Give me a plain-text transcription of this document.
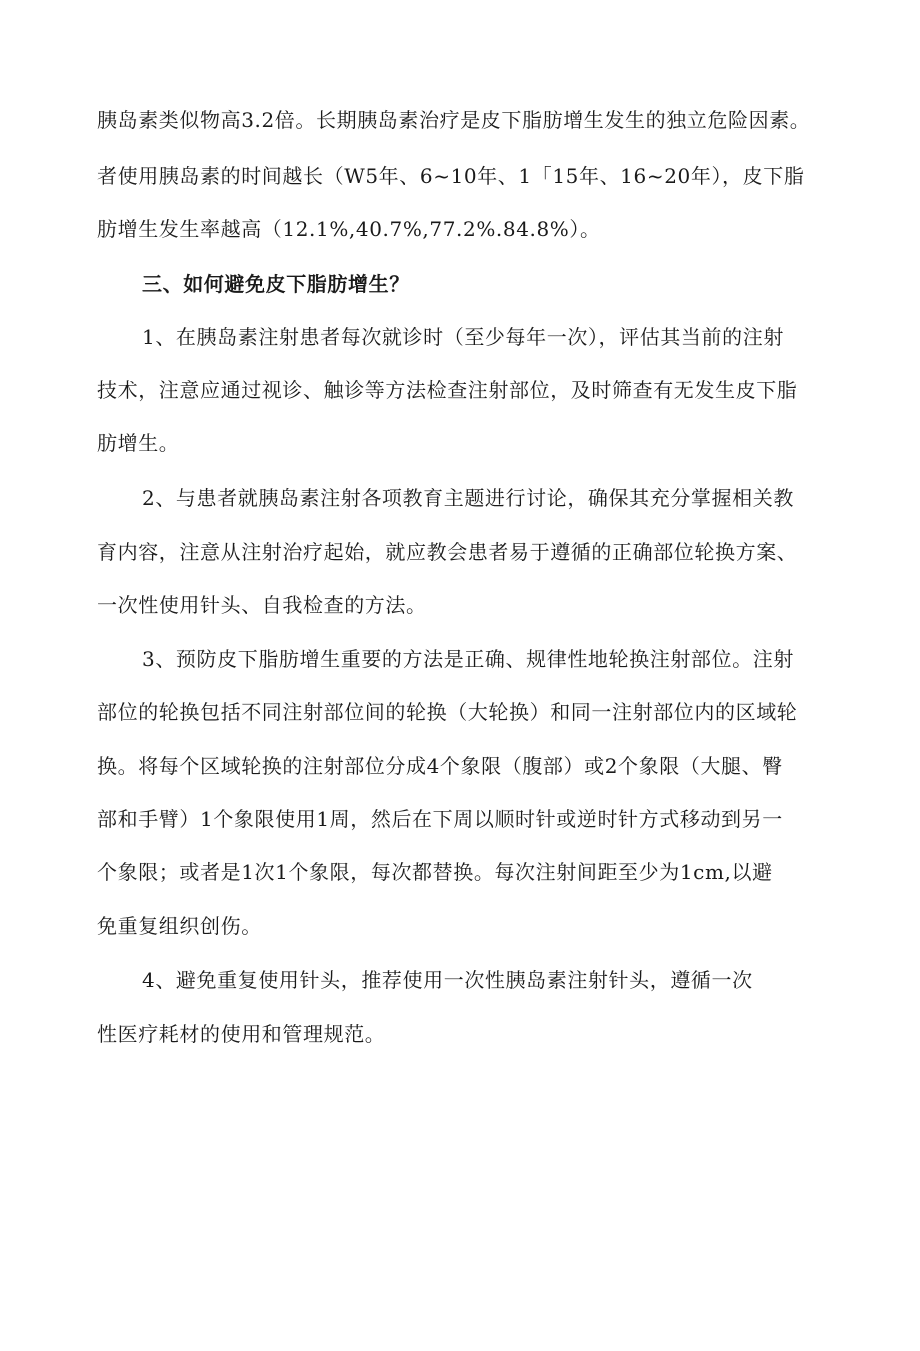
胰岛素类似物高3.2倍。长期胰岛素治疗是皮下脂肪增生发生的独立危险因素。
者使用胰岛素的时间越长（W5年、6~10年、1「15年、16~20年），皮下脂
肪增生发生率越高（12.1%,40.7%,77.2%.84.8%）。
三、如何避免皮下脂肪增生？
1、在胰岛素注射患者每次就诊时（至少每年一次），评估其当前的注射
技术，注意应通过视诊、触诊等方法检查注射部位，及时筛查有无发生皮下脂
肪增生。
2、与患者就胰岛素注射各项教育主题进行讨论，确保其充分掌握相关教
育内容，注意从注射治疗起始，就应教会患者易于遵循的正确部位轮换方案、
一次性使用针头、自我检查的方法。
3、预防皮下脂肪增生重要的方法是正确、规律性地轮换注射部位。注射
部位的轮换包括不同注射部位间的轮换（大轮换）和同一注射部位内的区域轮
换。将每个区域轮换的注射部位分成4个象限（腹部）或2个象限（大腿、臀
部和手臂）1个象限使用1周，然后在下周以顺时针或逆时针方式移动到另一
个象限；或者是1次1个象限，每次都替换。每次注射间距至少为1cm,以避
免重复组织创伤。
4、避免重复使用针头，推荐使用一次性胰岛素注射针头，遵循一次
性医疗耗材的使用和管理规范。
